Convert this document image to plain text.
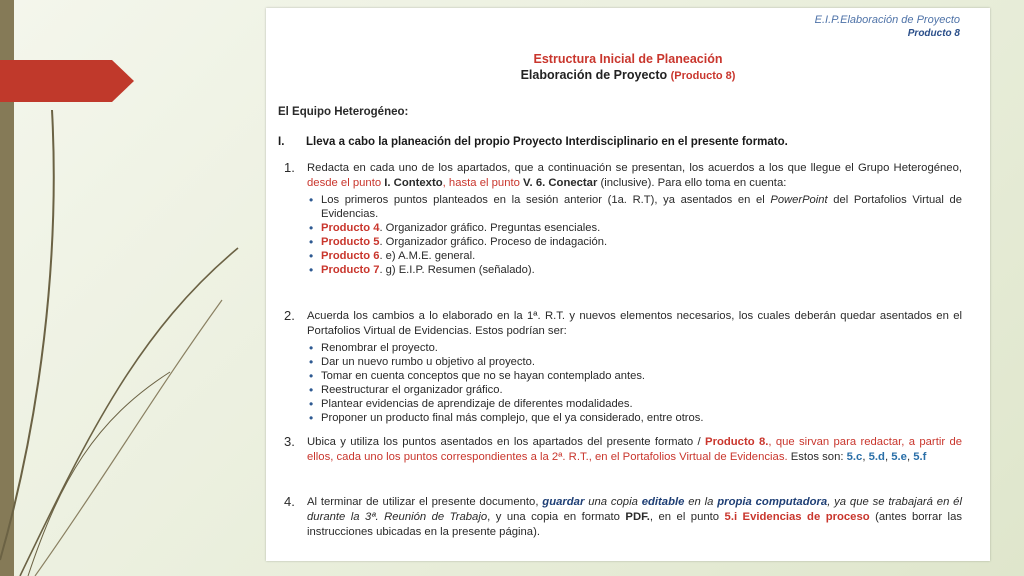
E.I.P.Elaboración de Proyecto
Producto 8
Estructura Inicial de Planeación
Elaboración de Proyecto (Producto 8)
El Equipo Heterogéneo:
I. Lleva a cabo la planeación del propio Proyecto Interdisciplinario en el presente formato.
1. Redacta en cada uno de los apartados, que a continuación se presentan, los acuerdos a los que llegue el Grupo Heterogéneo, desde el punto I. Contexto, hasta el punto V. 6. Conectar (inclusive). Para ello toma en cuenta:
• Los primeros puntos planteados en la sesión anterior (1a. R.T), ya asentados en el PowerPoint del Portafolios Virtual de Evidencias.
• Producto 4. Organizador gráfico. Preguntas esenciales.
• Producto 5. Organizador gráfico. Proceso de indagación.
• Producto 6. e) A.M.E. general.
• Producto 7. g) E.I.P. Resumen (señalado).
2. Acuerda los cambios a lo elaborado en la 1ª. R.T. y nuevos elementos necesarios, los cuales deberán quedar asentados en el Portafolios Virtual de Evidencias. Estos podrían ser:
• Renombrar el proyecto.
• Dar un nuevo rumbo u objetivo al proyecto.
• Tomar en cuenta conceptos que no se hayan contemplado antes.
• Reestructurar el organizador gráfico.
• Plantear evidencias de aprendizaje de diferentes modalidades.
• Proponer un producto final más complejo, que el ya considerado, entre otros.
3. Ubica y utiliza los puntos asentados en los apartados del presente formato / Producto 8., que sirvan para redactar, a partir de ellos, cada uno los puntos correspondientes a la 2ª. R.T., en el Portafolios Virtual de Evidencias. Estos son: 5.c, 5.d, 5.e, 5.f
4. Al terminar de utilizar el presente documento, guardar una copia editable en la propia computadora, ya que se trabajará en él durante la 3ª. Reunión de Trabajo, y una copia en formato PDF., en el punto 5.i Evidencias de proceso (antes borrar las instrucciones ubicadas en la presente página).
